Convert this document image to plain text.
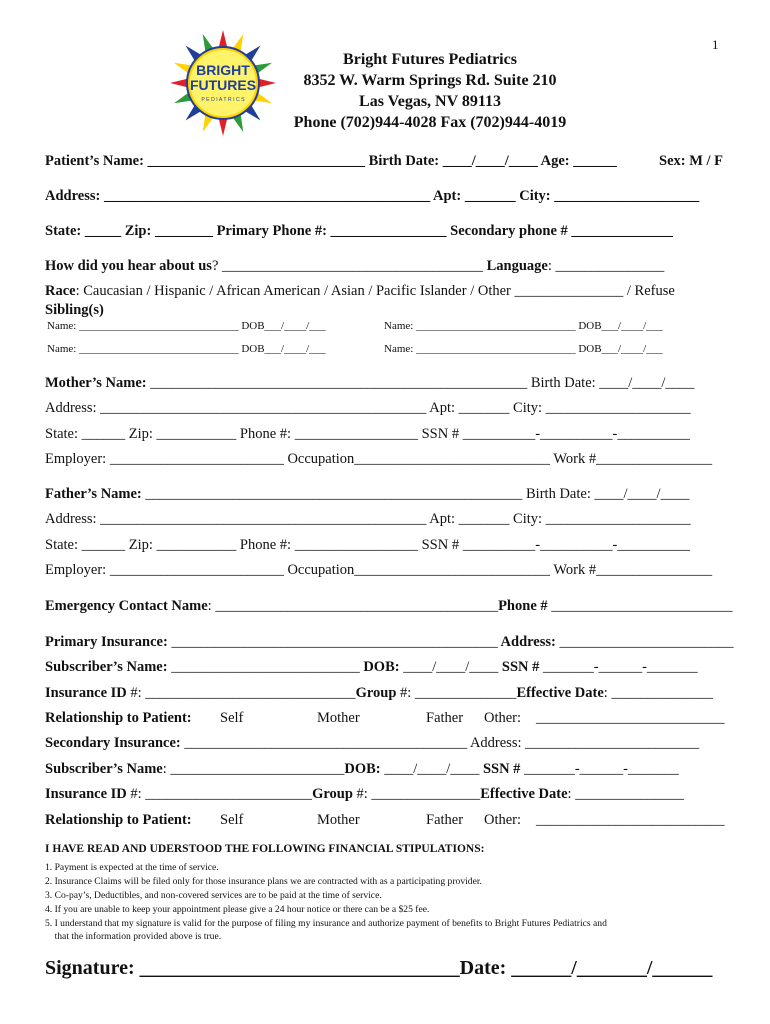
1
BRIGHT
FUTURES
P E D I A T R I C S
Bright Futures Pediatrics
8352 W. Warm Springs Rd. Suite 210
Las Vegas, NV 89113
Phone (702)944-4028 Fax (702)944-4019
Patient’s Name: ______________________________ Birth Date: ____/____/____ Age: ______	Sex: M / F
Address: _____________________________________________ Apt: _______ City: ____________________
State: _____ Zip: ________ Primary Phone #: ________________ Secondary phone # ______________
How did you hear about us? ____________________________________ Language: _______________
Race: Caucasian / Hispanic / African American / Asian / Pacific Islander / Other _______________ / Refuse
Sibling(s)
Name: _____________________________ DOB___/____/___	Name: _____________________________ DOB___/____/___
Name: _____________________________ DOB___/____/___	Name: _____________________________ DOB___/____/___
Mother’s Name: ____________________________________________________ Birth Date: ____/____/____
Address: _____________________________________________ Apt: _______ City: ____________________
State: ______ Zip: ___________ Phone #: _________________ SSN # __________-__________-__________
Employer: ________________________ Occupation___________________________ Work #________________
Father’s Name: ____________________________________________________ Birth Date: ____/____/____
Address: _____________________________________________ Apt: _______ City: ____________________
State: ______ Zip: ___________ Phone #: _________________ SSN # __________-__________-__________
Employer: ________________________ Occupation___________________________ Work #________________
Emergency Contact Name: _______________________________________Phone # _________________________
Primary Insurance: _____________________________________________ Address: ________________________
Subscriber’s Name: __________________________ DOB: ____/____/____ SSN # _______-______-_______
Insurance ID #: _____________________________Group #: ______________Effective Date: ______________
Relationship to Patient: Self	Mother	Father Other: __________________________
Secondary Insurance: _______________________________________ Address: ________________________
Subscriber’s Name: ________________________DOB: ____/____/____ SSN # _______-______-_______
Insurance ID #: _______________________Group #: _______________Effective Date: _______________
Relationship to Patient: Self	Mother	Father Other: __________________________
I HAVE READ AND UDERSTOOD THE FOLLOWING FINANCIAL STIPULATIONS:
1. Payment is expected at the time of service.
2. Insurance Claims will be filed only for those insurance plans we are contracted with as a participating provider.
3. Co-pay’s, Deductibles, and non-covered services are to be paid at the time of service.
4. If you are unable to keep your appointment please give a 24 hour notice or there can be a $25 fee.
5. I understand that my signature is valid for the purpose of filing my insurance and authorize payment of benefits to Bright Futures Pediatrics and
that the information provided above is true.
Signature: ________________________________Date: ______/_______/______
